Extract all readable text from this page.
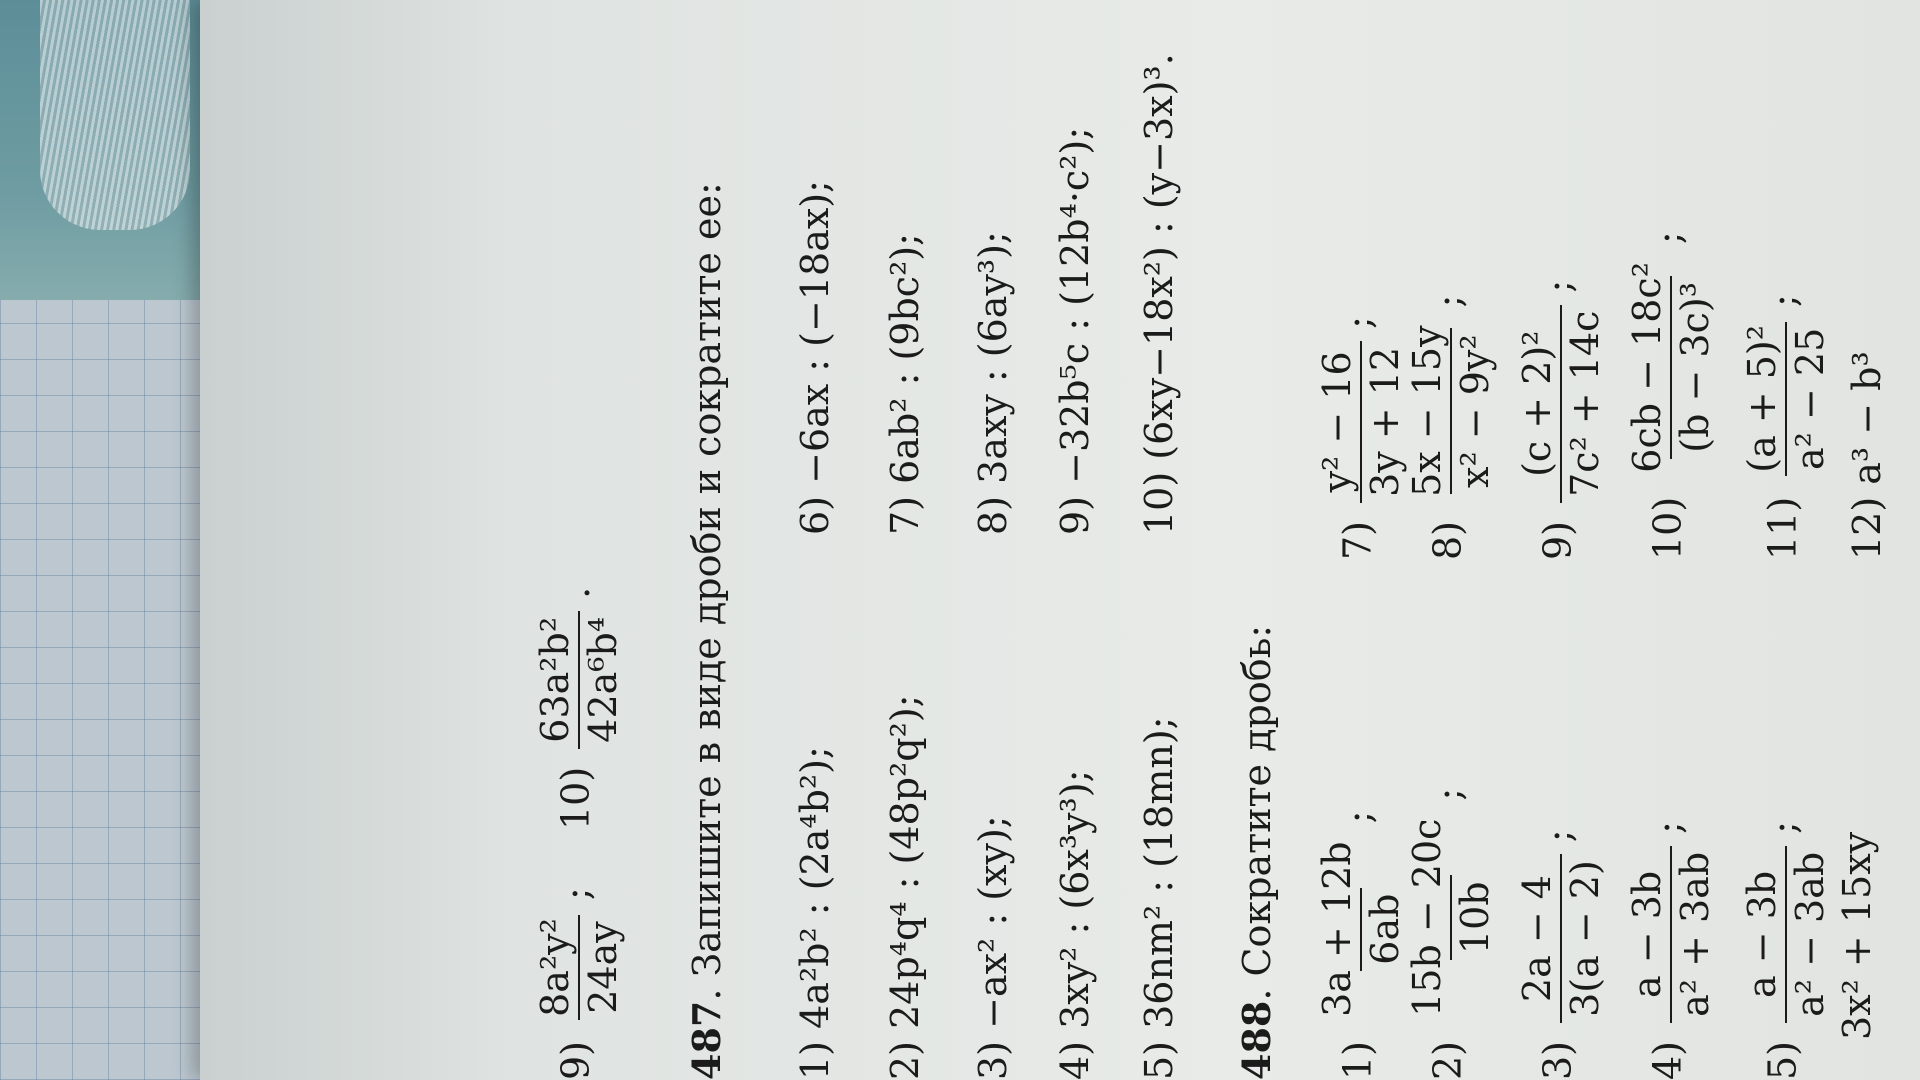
9)
8a²y² 24ay
;
10)
63a²b² 42a⁶b⁴
.
487. Запишите в виде дроби и сократите ее:
1) 4a²b² : (2a⁴b²);
2) 24p⁴q⁴ : (48p²q²);
3) −ax² : (xy);
4) 3xy² : (6x³y³);
5) 36nm² : (18mn);
6) −6ax : (−18ax);
7) 6ab² : (9bc²);
8) 3axy : (6ay³);
9) −32b⁵c : (12b⁴·c²);
10) (6xy−18x²) : (y−3x)³.
488. Сократите дробь:
1)
3a + 12b 6ab
;
2)
15b − 20c 10b
;
3)
2a − 4 3(a − 2)
;
4)
a − 3b a² + 3ab
;
5)
a − 3b a² − 3ab
;
3x² + 15xy
7)
y² − 16 3y + 12
;
8)
5x − 15y x² − 9y²
;
9)
(c + 2)² 7c² + 14c
;
10)
6cb − 18c² (b − 3c)³
;
11)
(a + 5)² a² − 25
;
12) a³ − b³
